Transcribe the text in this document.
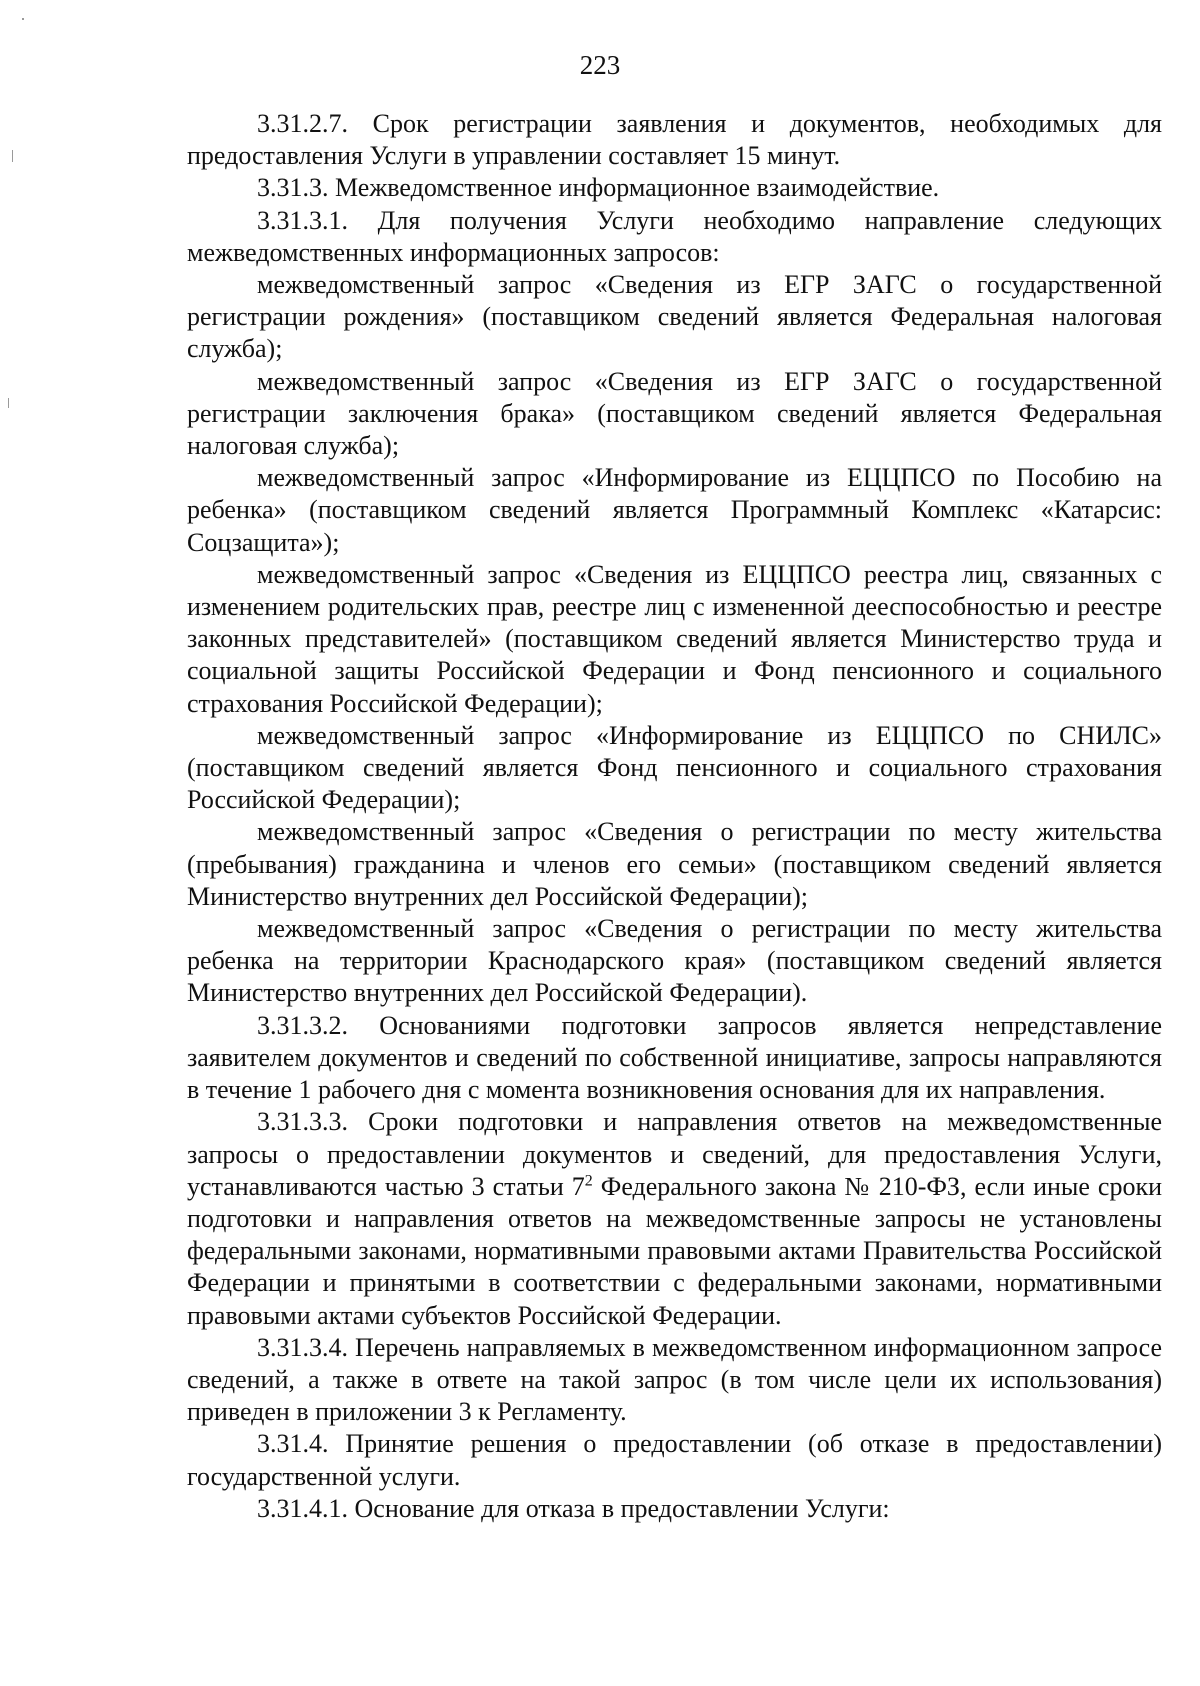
223

3.31.2.7. Срок регистрации заявления и документов, необходимых для предоставления Услуги в управлении составляет 15 минут.

3.31.3. Межведомственное информационное взаимодействие.

3.31.3.1. Для получения Услуги необходимо направление следующих межведомственных информационных запросов:

межведомственный запрос «Сведения из ЕГР ЗАГС о государственной регистрации рождения» (поставщиком сведений является Федеральная налоговая служба);

межведомственный запрос «Сведения из ЕГР ЗАГС о государственной регистрации заключения брака» (поставщиком сведений является Федеральная налоговая служба);

межведомственный запрос «Информирование из ЕЦЦПСО по Пособию на ребенка» (поставщиком сведений является Программный Комплекс «Катарсис: Соцзащита»);

межведомственный запрос «Сведения из ЕЦЦПСО реестра лиц, связанных с изменением родительских прав, реестре лиц с измененной дееспособностью и реестре законных представителей» (поставщиком сведений является Министерство труда и социальной защиты Российской Федерации и Фонд пенсионного и социального страхования Российской Федерации);

межведомственный запрос «Информирование из ЕЦЦПСО по СНИЛС» (поставщиком сведений является Фонд пенсионного и социального страхования Российской Федерации);

межведомственный запрос «Сведения о регистрации по месту жительства (пребывания) гражданина и членов его семьи» (поставщиком сведений является Министерство внутренних дел Российской Федерации);

межведомственный запрос «Сведения о регистрации по месту жительства ребенка на территории Краснодарского края» (поставщиком сведений является Министерство внутренних дел Российской Федерации).

3.31.3.2. Основаниями подготовки запросов является непредставление заявителем документов и сведений по собственной инициативе, запросы направляются в течение 1 рабочего дня с момента возникновения основания для их направления.

3.31.3.3. Сроки подготовки и направления ответов на межведомственные запросы о предоставлении документов и сведений, для предоставления Услуги, устанавливаются частью 3 статьи $7^2$ Федерального закона № 210-ФЗ, если иные сроки подготовки и направления ответов на межведомственные запросы не установлены федеральными законами, нормативными правовыми актами Правительства Российской Федерации и принятыми в соответствии с федеральными законами, нормативными правовыми актами субъектов Российской Федерации.

3.31.3.4. Перечень направляемых в межведомственном информационном запросе сведений, а также в ответе на такой запрос (в том числе цели их использования) приведен в приложении 3 к Регламенту.

3.31.4. Принятие решения о предоставлении (об отказе в предоставлении) государственной услуги.

3.31.4.1. Основание для отказа в предоставлении Услуги:
